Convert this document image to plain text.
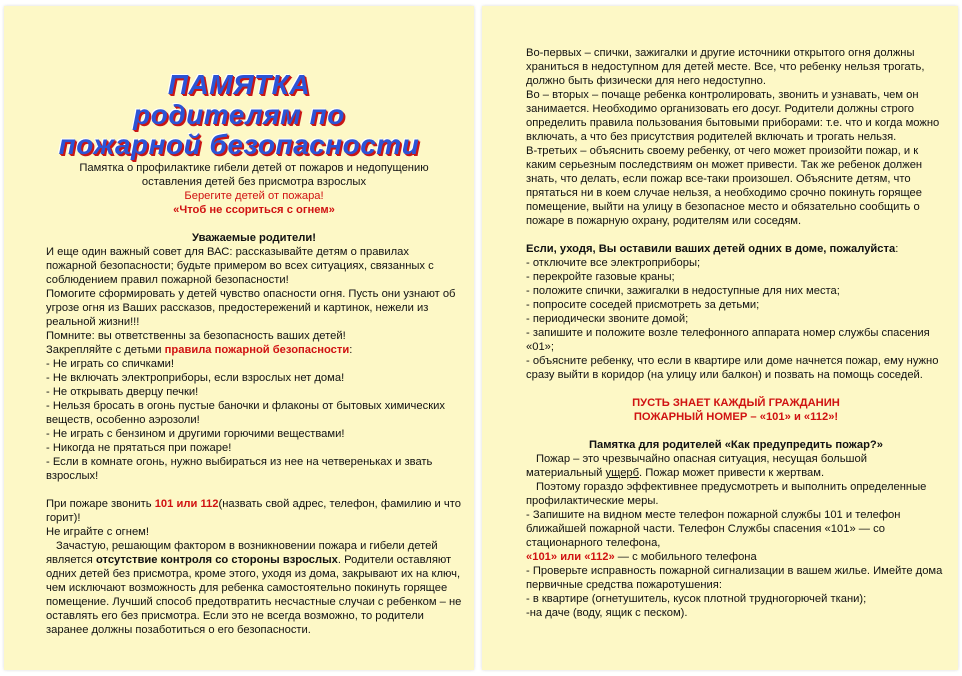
ПАМЯТКА
родителям по
пожарной безопасности

Памятка о профилактике гибели детей от пожаров и недопущению

оставления детей без присмотра взрослых

Берегите детей от пожара!

«Чтоб не ссориться с огнем»

Уважаемые родители!

И еще один важный совет для ВАС: рассказывайте детям о правилах пожарной безопасности; будьте примером во всех ситуациях, связанных с соблюдением правил пожарной безопасности!

Помогите сформировать у детей чувство опасности огня. Пусть они узнают об угрозе огня из Ваших рассказов, предостережений и картинок, нежели из реальной жизни!!!

Помните: вы ответственны за безопасность ваших детей!

Закрепляйте с детьми правила пожарной безопасности:

- Не играть со спичками!

- Не включать электроприборы, если взрослых нет дома!

- Не открывать дверцу печки!

- Нельзя бросать в огонь пустые баночки и флаконы от бытовых химических веществ, особенно аэрозоли!

- Не играть с бензином и другими горючими веществами!

- Никогда не прятаться при пожаре!

- Если в комнате огонь, нужно выбираться из нее на четвереньках и звать взрослых!

При пожаре звонить 101 или 112(назвать свой адрес, телефон, фамилию и что горит)!

Не играйте с огнем!

Зачастую, решающим фактором в возникновении пожара и гибели детей является отсутствие контроля со стороны взрослых. Родители оставляют одних детей без присмотра, кроме этого, уходя из дома, закрывают их на ключ, чем исключают возможность для ребенка самостоятельно покинуть горящее помещение. Лучший способ предотвратить несчастные случаи с ребенком – не оставлять его без присмотра. Если это не всегда возможно, то родители заранее должны позаботиться о его безопасности.

Во-первых – спички, зажигалки и другие источники открытого огня должны храниться в недоступном для детей месте. Все, что ребенку нельзя трогать, должно быть физически для него недоступно.

Во – вторых – почаще ребенка контролировать, звонить и узнавать, чем он занимается. Необходимо организовать его досуг. Родители должны строго определить правила пользования бытовыми приборами: т.е. что и когда можно включать, а что без присутствия родителей включать и трогать нельзя.

В-третьих – объяснить своему ребенку, от чего может произойти пожар, и к каким серьезным последствиям он может привести. Так же ребенок должен знать, что делать, если пожар все-таки произошел. Объясните детям, что прятаться ни в коем случае нельзя, а необходимо срочно покинуть горящее помещение, выйти на улицу в безопасное место и обязательно сообщить о пожаре в пожарную охрану, родителям или соседям.

Если, уходя, Вы оставили ваших детей одних в доме, пожалуйста:

- отключите все электроприборы;

- перекройте газовые краны;

- положите спички, зажигалки в недоступные для них места;

- попросите соседей присмотреть за детьми;

- периодически звоните домой;

- запишите и положите возле телефонного аппарата номер службы спасения «01»;

- объясните ребенку, что если в квартире или доме начнется пожар, ему нужно сразу выйти в коридор (на улицу или балкон) и позвать на помощь соседей.

ПУСТЬ ЗНАЕТ КАЖДЫЙ ГРАЖДАНИН

ПОЖАРНЫЙ НОМЕР – «101» и «112»!

Памятка для родителей «Как предупредить пожар?»

Пожар – это чрезвычайно опасная ситуация, несущая большой материальный ущерб. Пожар может привести к жертвам.

Поэтому гораздо эффективнее предусмотреть и выполнить определенные профилактические меры.

- Запишите на видном месте телефон пожарной службы 101 и телефон ближайшей пожарной части. Телефон Службы спасения «101» — со стационарного телефона,

«101» или «112» — с мобильного телефона

- Проверьте исправность пожарной сигнализации в вашем жилье. Имейте дома первичные средства пожаротушения:

- в квартире (огнетушитель, кусок плотной трудногорючей ткани);

-на даче (воду, ящик с песком).
